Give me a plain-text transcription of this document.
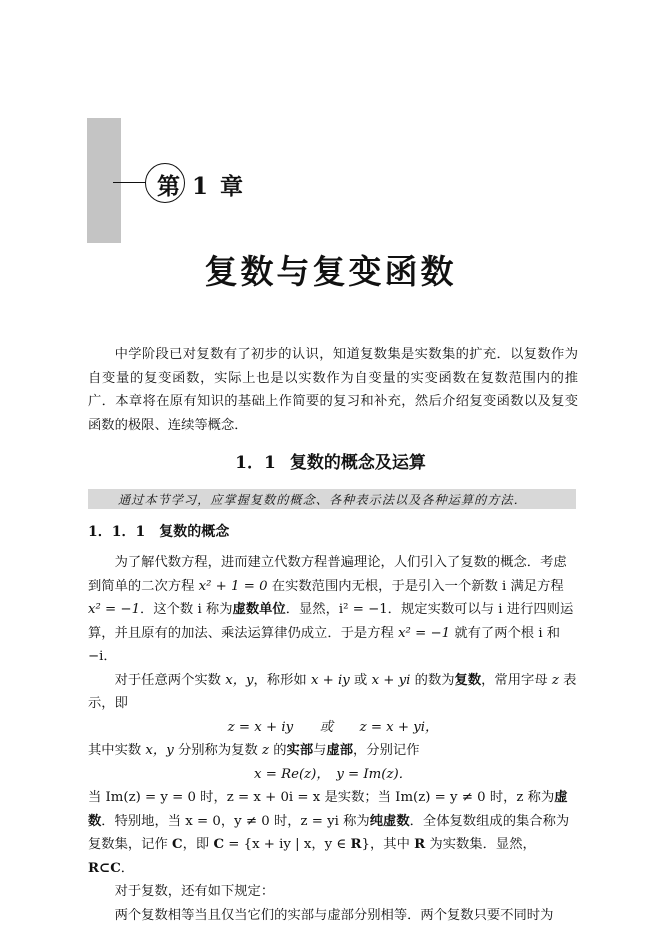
第 1 章
复数与复变函数
中学阶段已对复数有了初步的认识，知道复数集是实数集的扩充．以复数作为自变量的复变函数，实际上也是以实数作为自变量的实变函数在复数范围内的推广．本章将在原有知识的基础上作简要的复习和补充，然后介绍复变函数以及复变函数的极限、连续等概念．
1．1 复数的概念及运算
通过本节学习，应掌握复数的概念、各种表示法以及各种运算的方法．
1．1．1 复数的概念
为了解代数方程，进而建立代数方程普遍理论，人们引入了复数的概念．考虑到简单的二次方程 x² + 1 = 0 在实数范围内无根，于是引入一个新数 i 满足方程 x² = −1．这个数 i 称为虚数单位．显然，i² = −1．规定实数可以与 i 进行四则运算，并且原有的加法、乘法运算律仍成立．于是方程 x² = −1 就有了两个根 i 和 −i．
对于任意两个实数 x，y，称形如 x + iy 或 x + yi 的数为复数，常用字母 z 表示，即
z = x + iy　　或　　z = x + yi，
其中实数 x，y 分别称为复数 z 的实部与虚部，分别记作
x = Re(z)，　y = Im(z)．
当 Im(z) = y = 0 时，z = x + 0i = x 是实数；当 Im(z) = y ≠ 0 时，z 称为虚数．特别地，当 x = 0，y ≠ 0 时，z = yi 称为纯虚数．全体复数组成的集合称为复数集，记作 C，即 C = {x + iy | x，y ∈ R}，其中 R 为实数集．显然，R⊂C．
对于复数，还有如下规定：
两个复数相等当且仅当它们的实部与虚部分别相等．两个复数只要不同时为
